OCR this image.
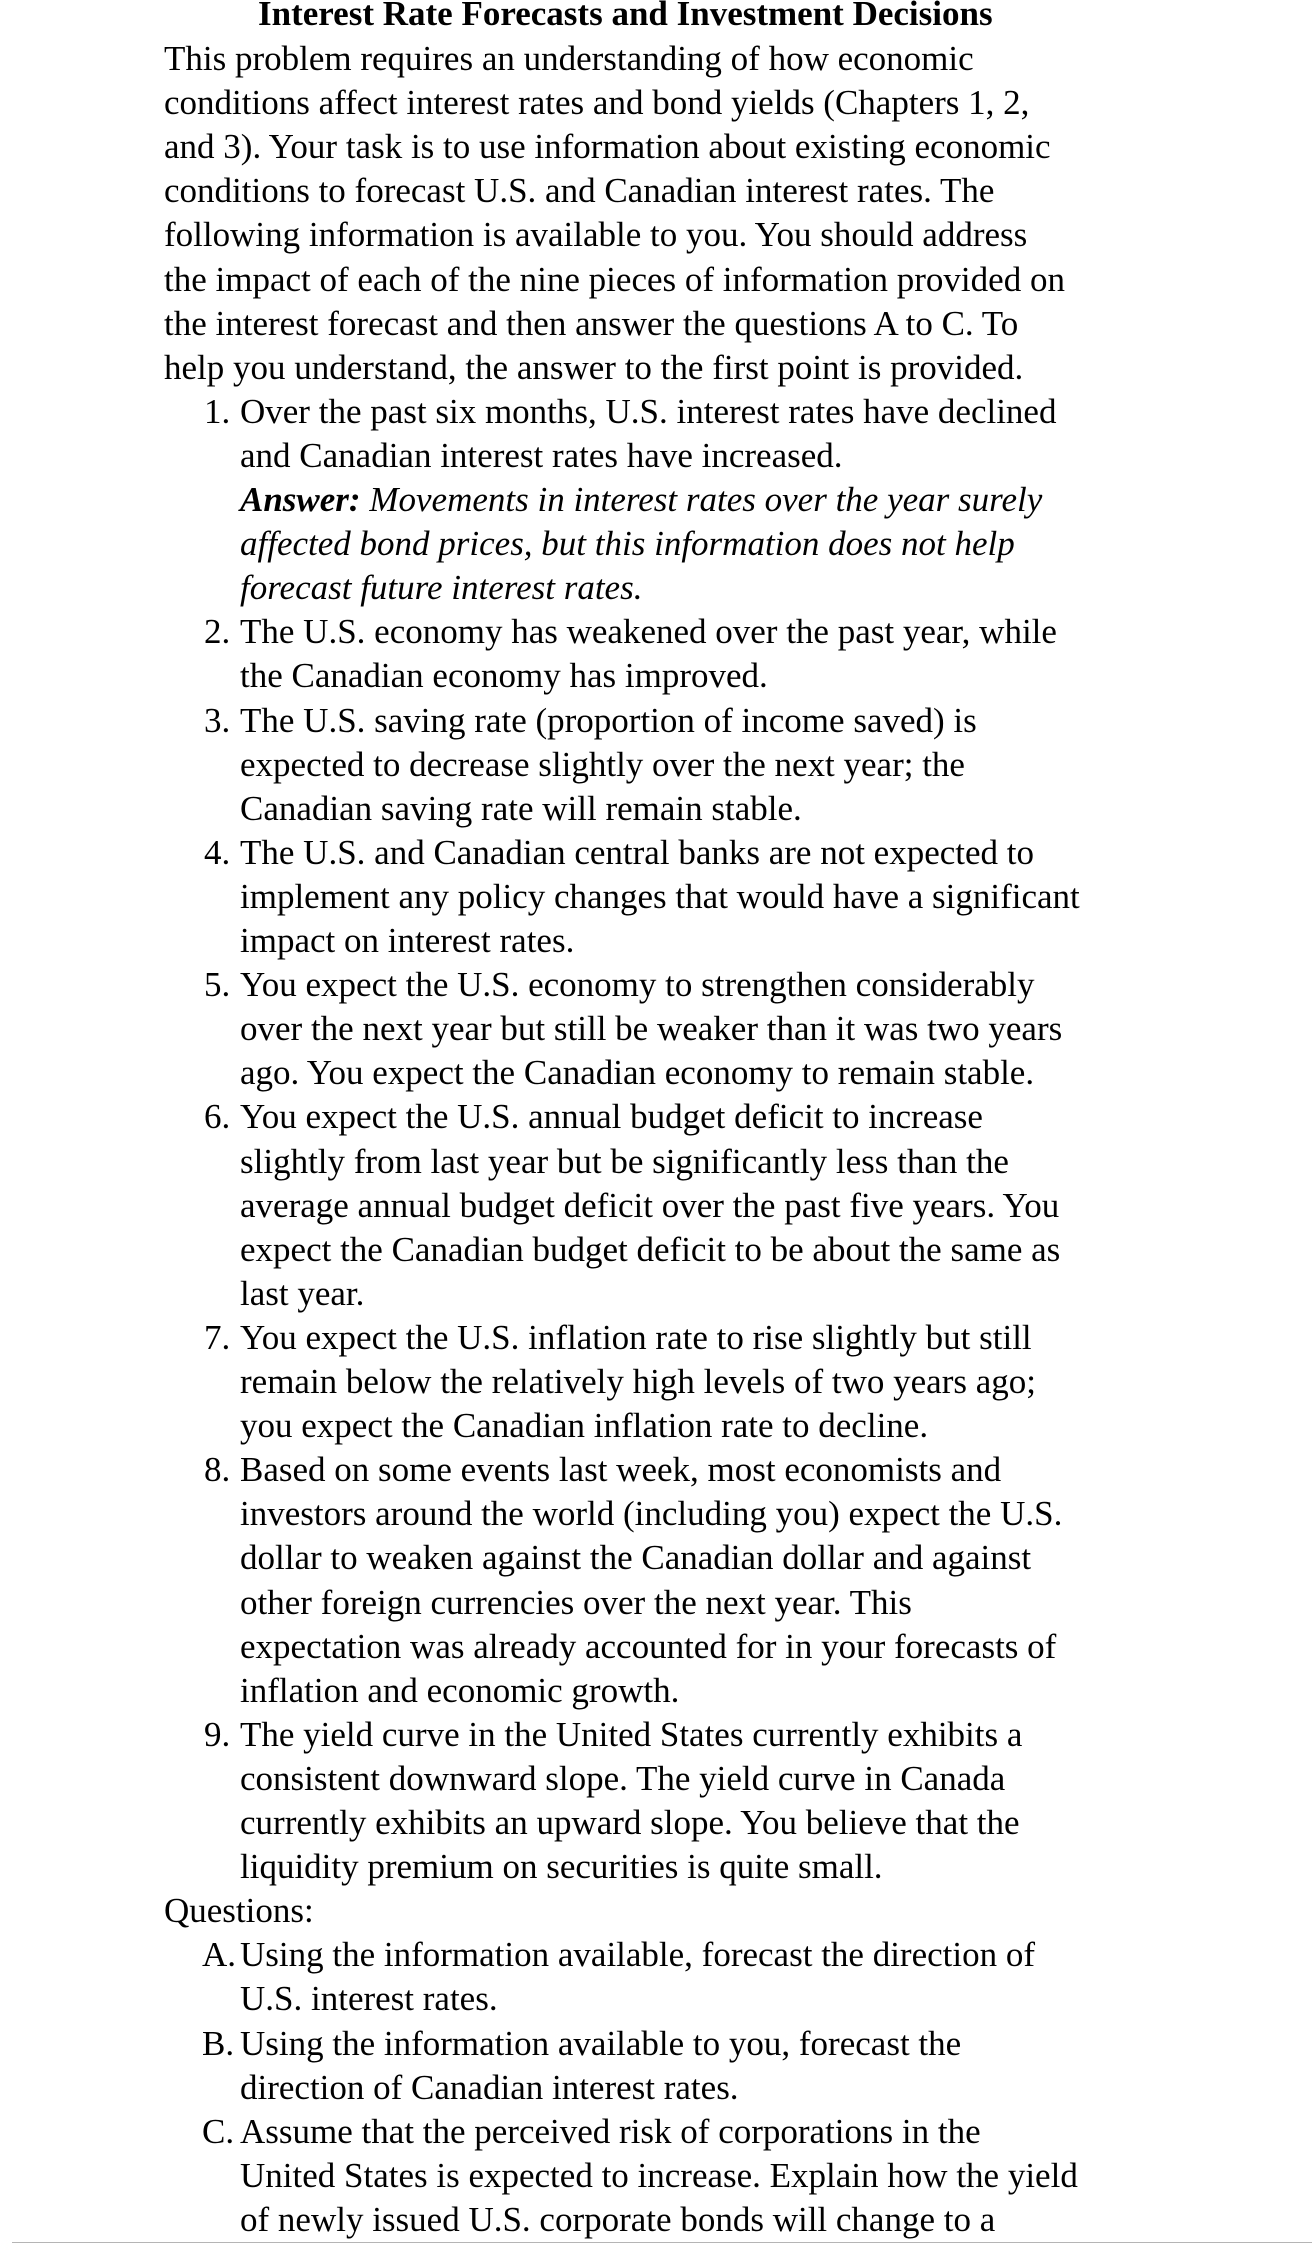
Interest Rate Forecasts and Investment Decisions
This problem requires an understanding of how economic
conditions affect interest rates and bond yields (Chapters 1, 2,
and 3). Your task is to use information about existing economic
conditions to forecast U.S. and Canadian interest rates. The
following information is available to you. You should address
the impact of each of the nine pieces of information provided on
the interest forecast and then answer the questions A to C. To
help you understand, the answer to the first point is provided.
1. Over the past six months, U.S. interest rates have declined
and Canadian interest rates have increased.
Answer: Movements in interest rates over the year surely
affected bond prices, but this information does not help
forecast future interest rates.
2. The U.S. economy has weakened over the past year, while
the Canadian economy has improved.
3. The U.S. saving rate (proportion of income saved) is
expected to decrease slightly over the next year; the
Canadian saving rate will remain stable.
4. The U.S. and Canadian central banks are not expected to
implement any policy changes that would have a significant
impact on interest rates.
5. You expect the U.S. economy to strengthen considerably
over the next year but still be weaker than it was two years
ago. You expect the Canadian economy to remain stable.
6. You expect the U.S. annual budget deficit to increase
slightly from last year but be significantly less than the
average annual budget deficit over the past five years. You
expect the Canadian budget deficit to be about the same as
last year.
7. You expect the U.S. inflation rate to rise slightly but still
remain below the relatively high levels of two years ago;
you expect the Canadian inflation rate to decline.
8. Based on some events last week, most economists and
investors around the world (including you) expect the U.S.
dollar to weaken against the Canadian dollar and against
other foreign currencies over the next year. This
expectation was already accounted for in your forecasts of
inflation and economic growth.
9. The yield curve in the United States currently exhibits a
consistent downward slope. The yield curve in Canada
currently exhibits an upward slope. You believe that the
liquidity premium on securities is quite small.
Questions:
A. Using the information available, forecast the direction of
U.S. interest rates.
B. Using the information available to you, forecast the
direction of Canadian interest rates.
C. Assume that the perceived risk of corporations in the
United States is expected to increase. Explain how the yield
of newly issued U.S. corporate bonds will change to a
